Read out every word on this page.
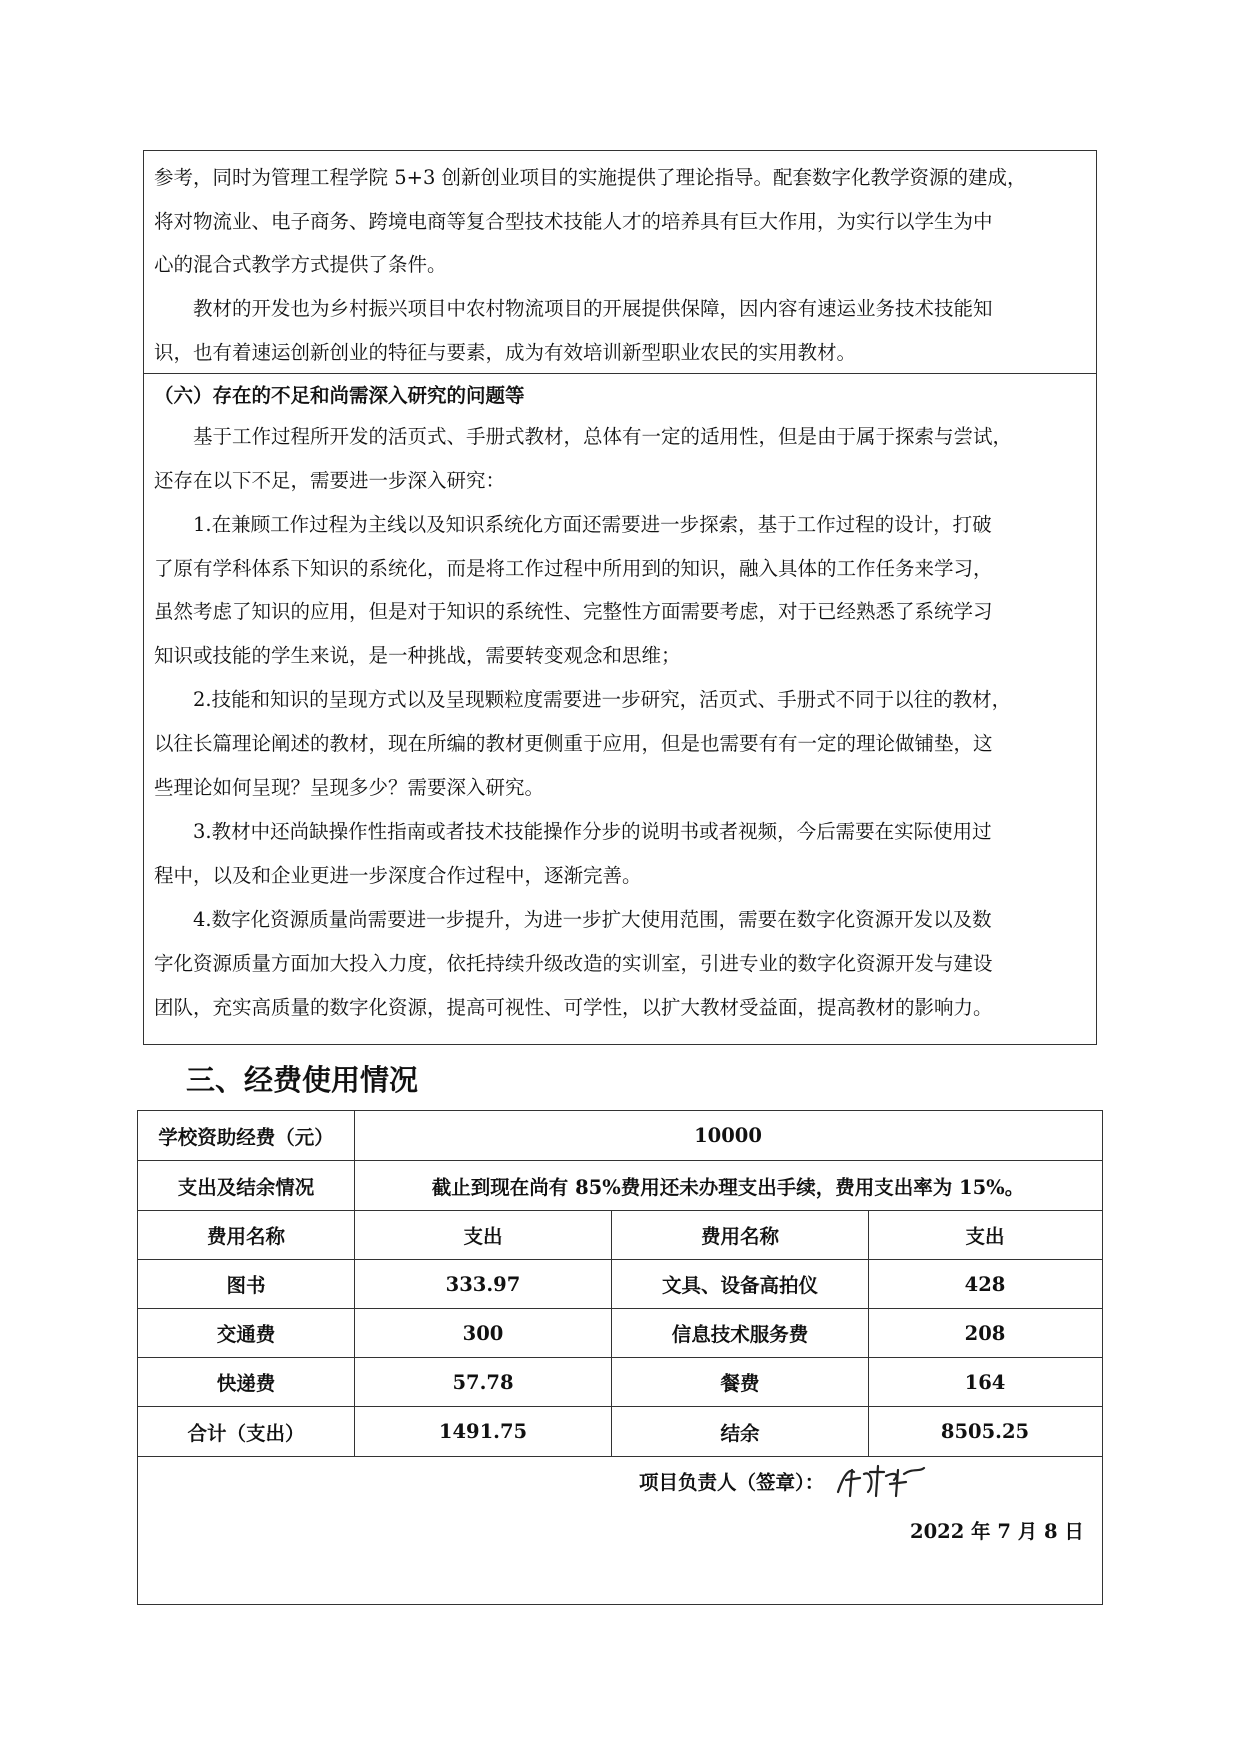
参考，同时为管理工程学院 5+3 创新创业项目的实施提供了理论指导。配套数字化教学资源的建成，
将对物流业、电子商务、跨境电商等复合型技术技能人才的培养具有巨大作用，为实行以学生为中
心的混合式教学方式提供了条件。
　　教材的开发也为乡村振兴项目中农村物流项目的开展提供保障，因内容有速运业务技术技能知
识，也有着速运创新创业的特征与要素，成为有效培训新型职业农民的实用教材。
（六）存在的不足和尚需深入研究的问题等
　　基于工作过程所开发的活页式、手册式教材，总体有一定的适用性，但是由于属于探索与尝试，
还存在以下不足，需要进一步深入研究：
　　1.在兼顾工作过程为主线以及知识系统化方面还需要进一步探索，基于工作过程的设计，打破
了原有学科体系下知识的系统化，而是将工作过程中所用到的知识，融入具体的工作任务来学习，
虽然考虑了知识的应用，但是对于知识的系统性、完整性方面需要考虑，对于已经熟悉了系统学习
知识或技能的学生来说，是一种挑战，需要转变观念和思维；
　　2.技能和知识的呈现方式以及呈现颗粒度需要进一步研究，活页式、手册式不同于以往的教材，
以往长篇理论阐述的教材，现在所编的教材更侧重于应用，但是也需要有有一定的理论做铺垫，这
些理论如何呈现？呈现多少？需要深入研究。
　　3.教材中还尚缺操作性指南或者技术技能操作分步的说明书或者视频，今后需要在实际使用过
程中，以及和企业更进一步深度合作过程中，逐渐完善。
　　4.数字化资源质量尚需要进一步提升，为进一步扩大使用范围，需要在数字化资源开发以及数
字化资源质量方面加大投入力度，依托持续升级改造的实训室，引进专业的数字化资源开发与建设
团队，充实高质量的数字化资源，提高可视性、可学性，以扩大教材受益面，提高教材的影响力。
三、经费使用情况
学校资助经费（元）	10000
支出及结余情况	截止到现在尚有 85%费用还未办理支出手续，费用支出率为 15%。
费用名称	支出	费用名称	支出
图书	333.97	文具、设备高拍仪	428
交通费	300	信息技术服务费	208
快递费	57.78	餐费	164
合计（支出）	1491.75	结余	8505.25
项目负责人（签章）：
2022 年 7 月 8 日
